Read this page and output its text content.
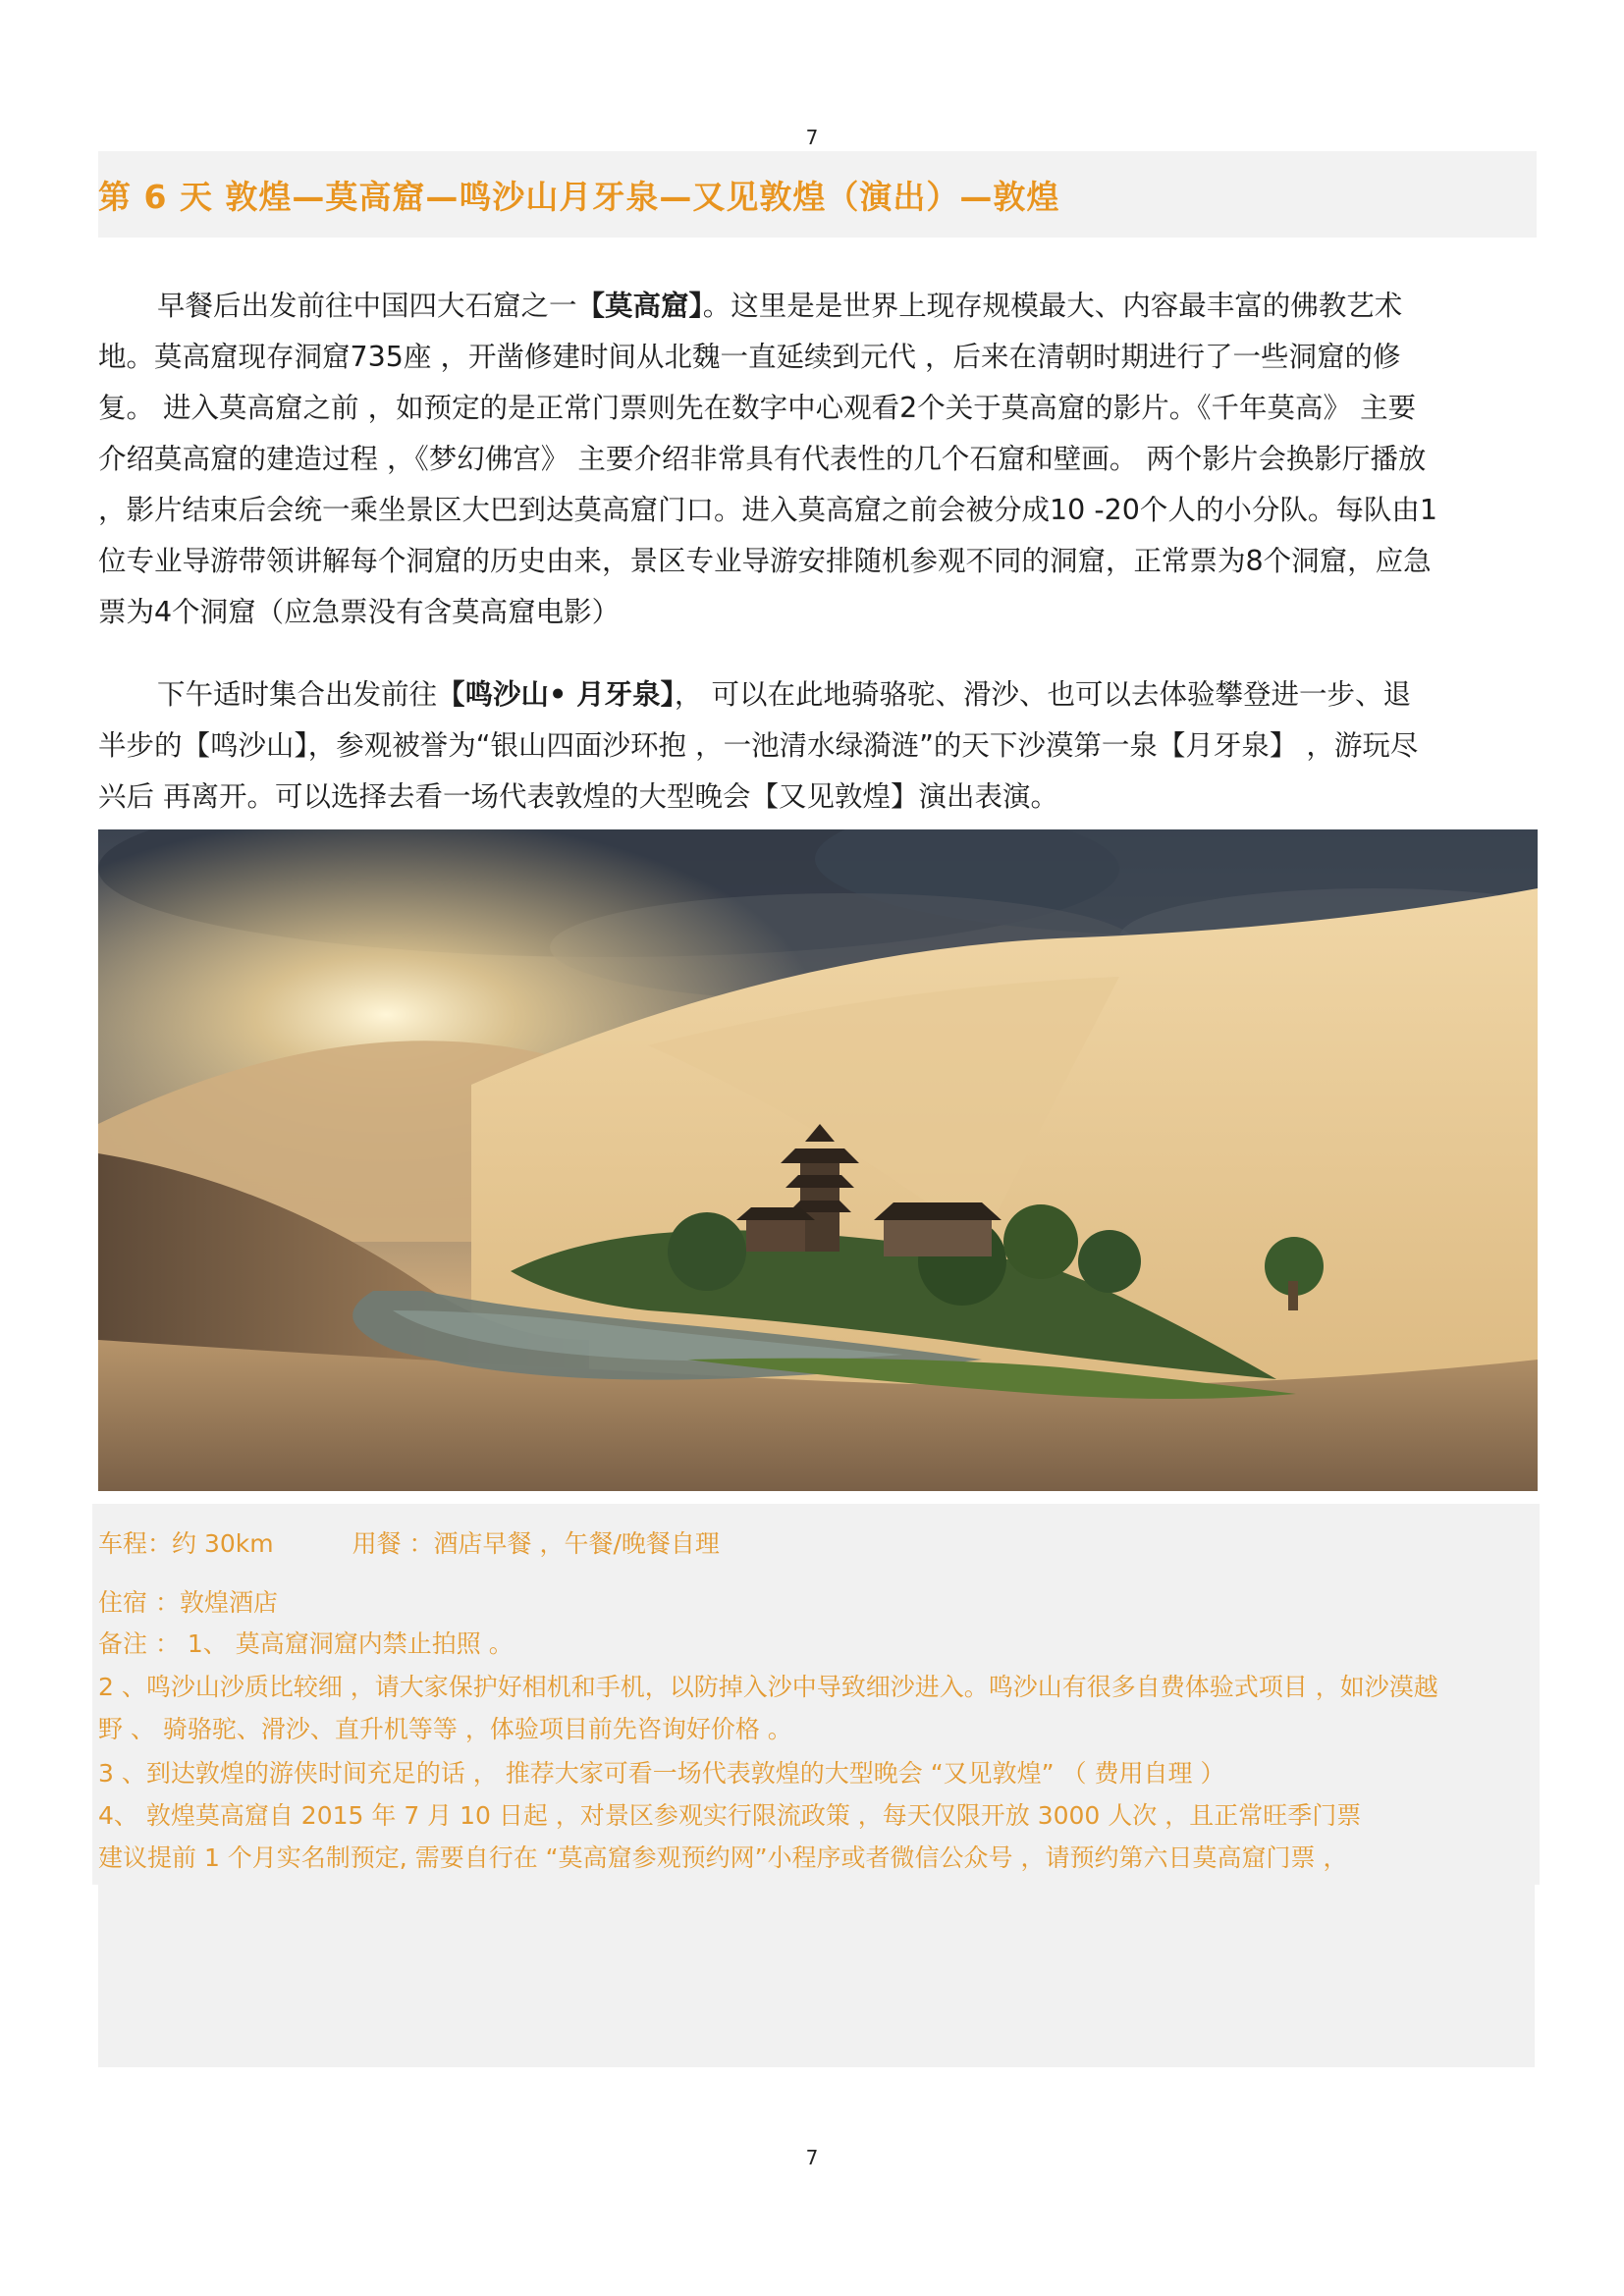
7
第 6 天 敦煌—莫高窟—鸣沙山月牙泉—又见敦煌（演出）—敦煌

早餐后出发前往中国四大石窟之一【莫高窟】。这里是是世界上现存规模最大、内容最丰富的佛教艺术地。莫高窟现存洞窟735座 ，开凿修建时间从北魏一直延续到元代 ，后来在清朝时期进行了一些洞窟的修复。 进入莫高窟之前 ，如预定的是正常门票则先在数字中心观看2个关于莫高窟的影片。《千年莫高》 主要介绍莫高窟的建造过程 ，《梦幻佛宫》 主要介绍非常具有代表性的几个石窟和壁画。 两个影片会换影厅播放 ，影片结束后会统一乘坐景区大巴到达莫高窟门口。进入莫高窟之前会被分成10 -20个人的小分队。每队由1位专业导游带领讲解每个洞窟的历史由来，景区专业导游安排随机参观不同的洞窟，正常票为8个洞窟，应急票为4个洞窟（应急票没有含莫高窟电影）

下午适时集合出发前往【鸣沙山• 月牙泉】， 可以在此地骑骆驼、滑沙、也可以去体验攀登进一步、退半步的【鸣沙山】，参观被誉为“银山四面沙环抱 ，一池清水绿漪涟”的天下沙漠第一泉【月牙泉】 ，游玩尽兴后 再离开。可以选择去看一场代表敦煌的大型晚会【又见敦煌】演出表演。

车程：约 30km	用餐 ：酒店早餐 ，午餐/晚餐自理

住宿 ：敦煌酒店

备注 ： 1、 莫高窟洞窟内禁止拍照 。

2 、鸣沙山沙质比较细 ，请大家保护好相机和手机，以防掉入沙中导致细沙进入。鸣沙山有很多自费体验式项目 ，如沙漠越

野 、 骑骆驼、滑沙、直升机等等 ，体验项目前先咨询好价格 。

3 、到达敦煌的游侠时间充足的话 ， 推荐大家可看一场代表敦煌的大型晚会 “又见敦煌” （ 费用自理 ）

4、 敦煌莫高窟自 2015 年 7 月 10 日起 ，对景区参观实行限流政策 ，每天仅限开放 3000 人次 ，且正常旺季门票

建议提前 1 个月实名制预定, 需要自行在 “莫高窟参观预约网”小程序或者微信公众号 ，请预约第六日莫高窟门票 ，

7
